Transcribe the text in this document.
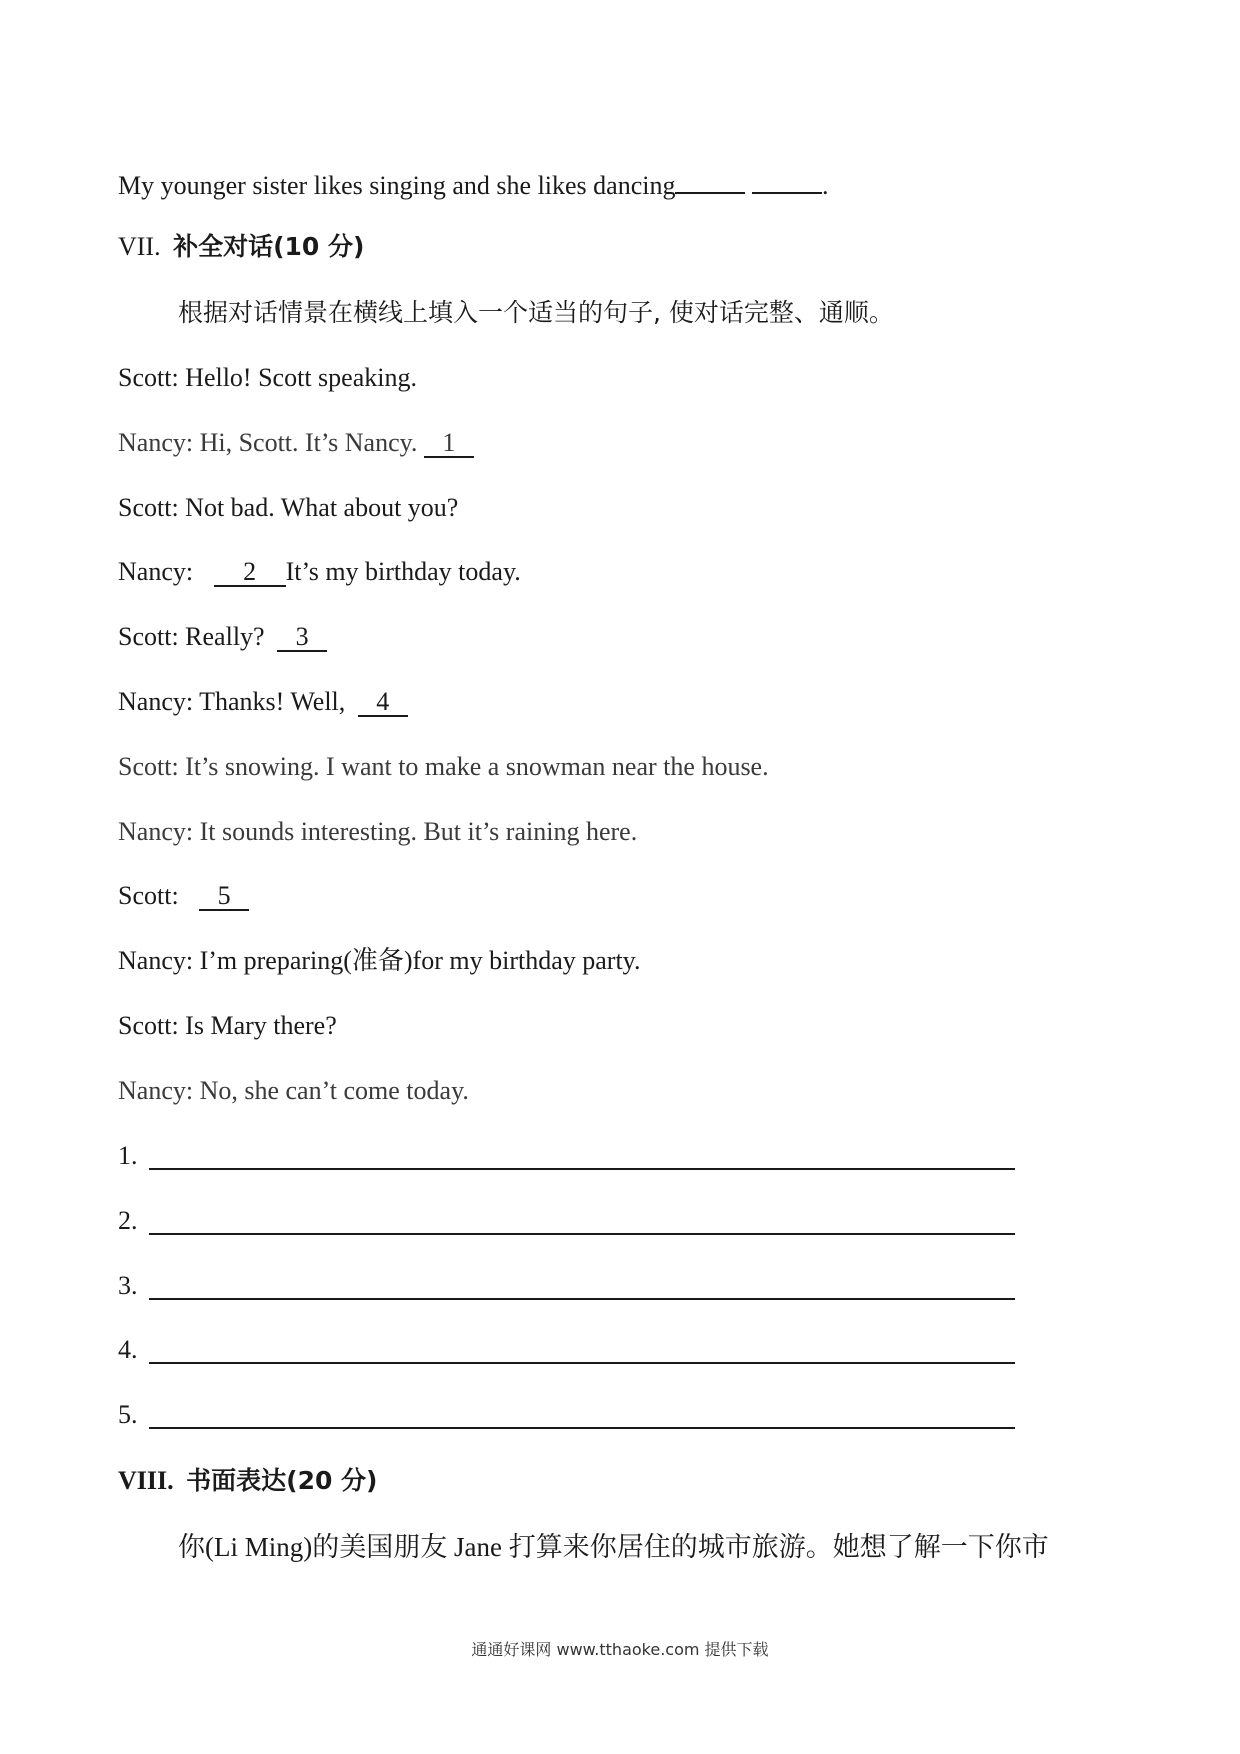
My younger sister likes singing and she likes dancing	.
VII. 补全对话(10 分)
根据对话情景在横线上填入一个适当的句子, 使对话完整、通顺。
Scott: Hello! Scott speaking.
Nancy: Hi, Scott. It’s Nancy. 1
Scott: Not bad. What about you?
Nancy: 2 It’s my birthday today.
Scott: Really? 3
Nancy: Thanks! Well, 4
Scott: It’s snowing. I want to make a snowman near the house.
Nancy: It sounds interesting. But it’s raining here.
Scott: 5
Nancy: I’m preparing(准备)for my birthday party.
Scott: Is Mary there?
Nancy: No, she can’t come today.
1.
2.
3.
4.
5.
VIII. 书面表达(20 分)
你(Li Ming)的美国朋友 Jane 打算来你居住的城市旅游。她想了解一下你市
通通好课网 www.tthaoke.com 提供下载
